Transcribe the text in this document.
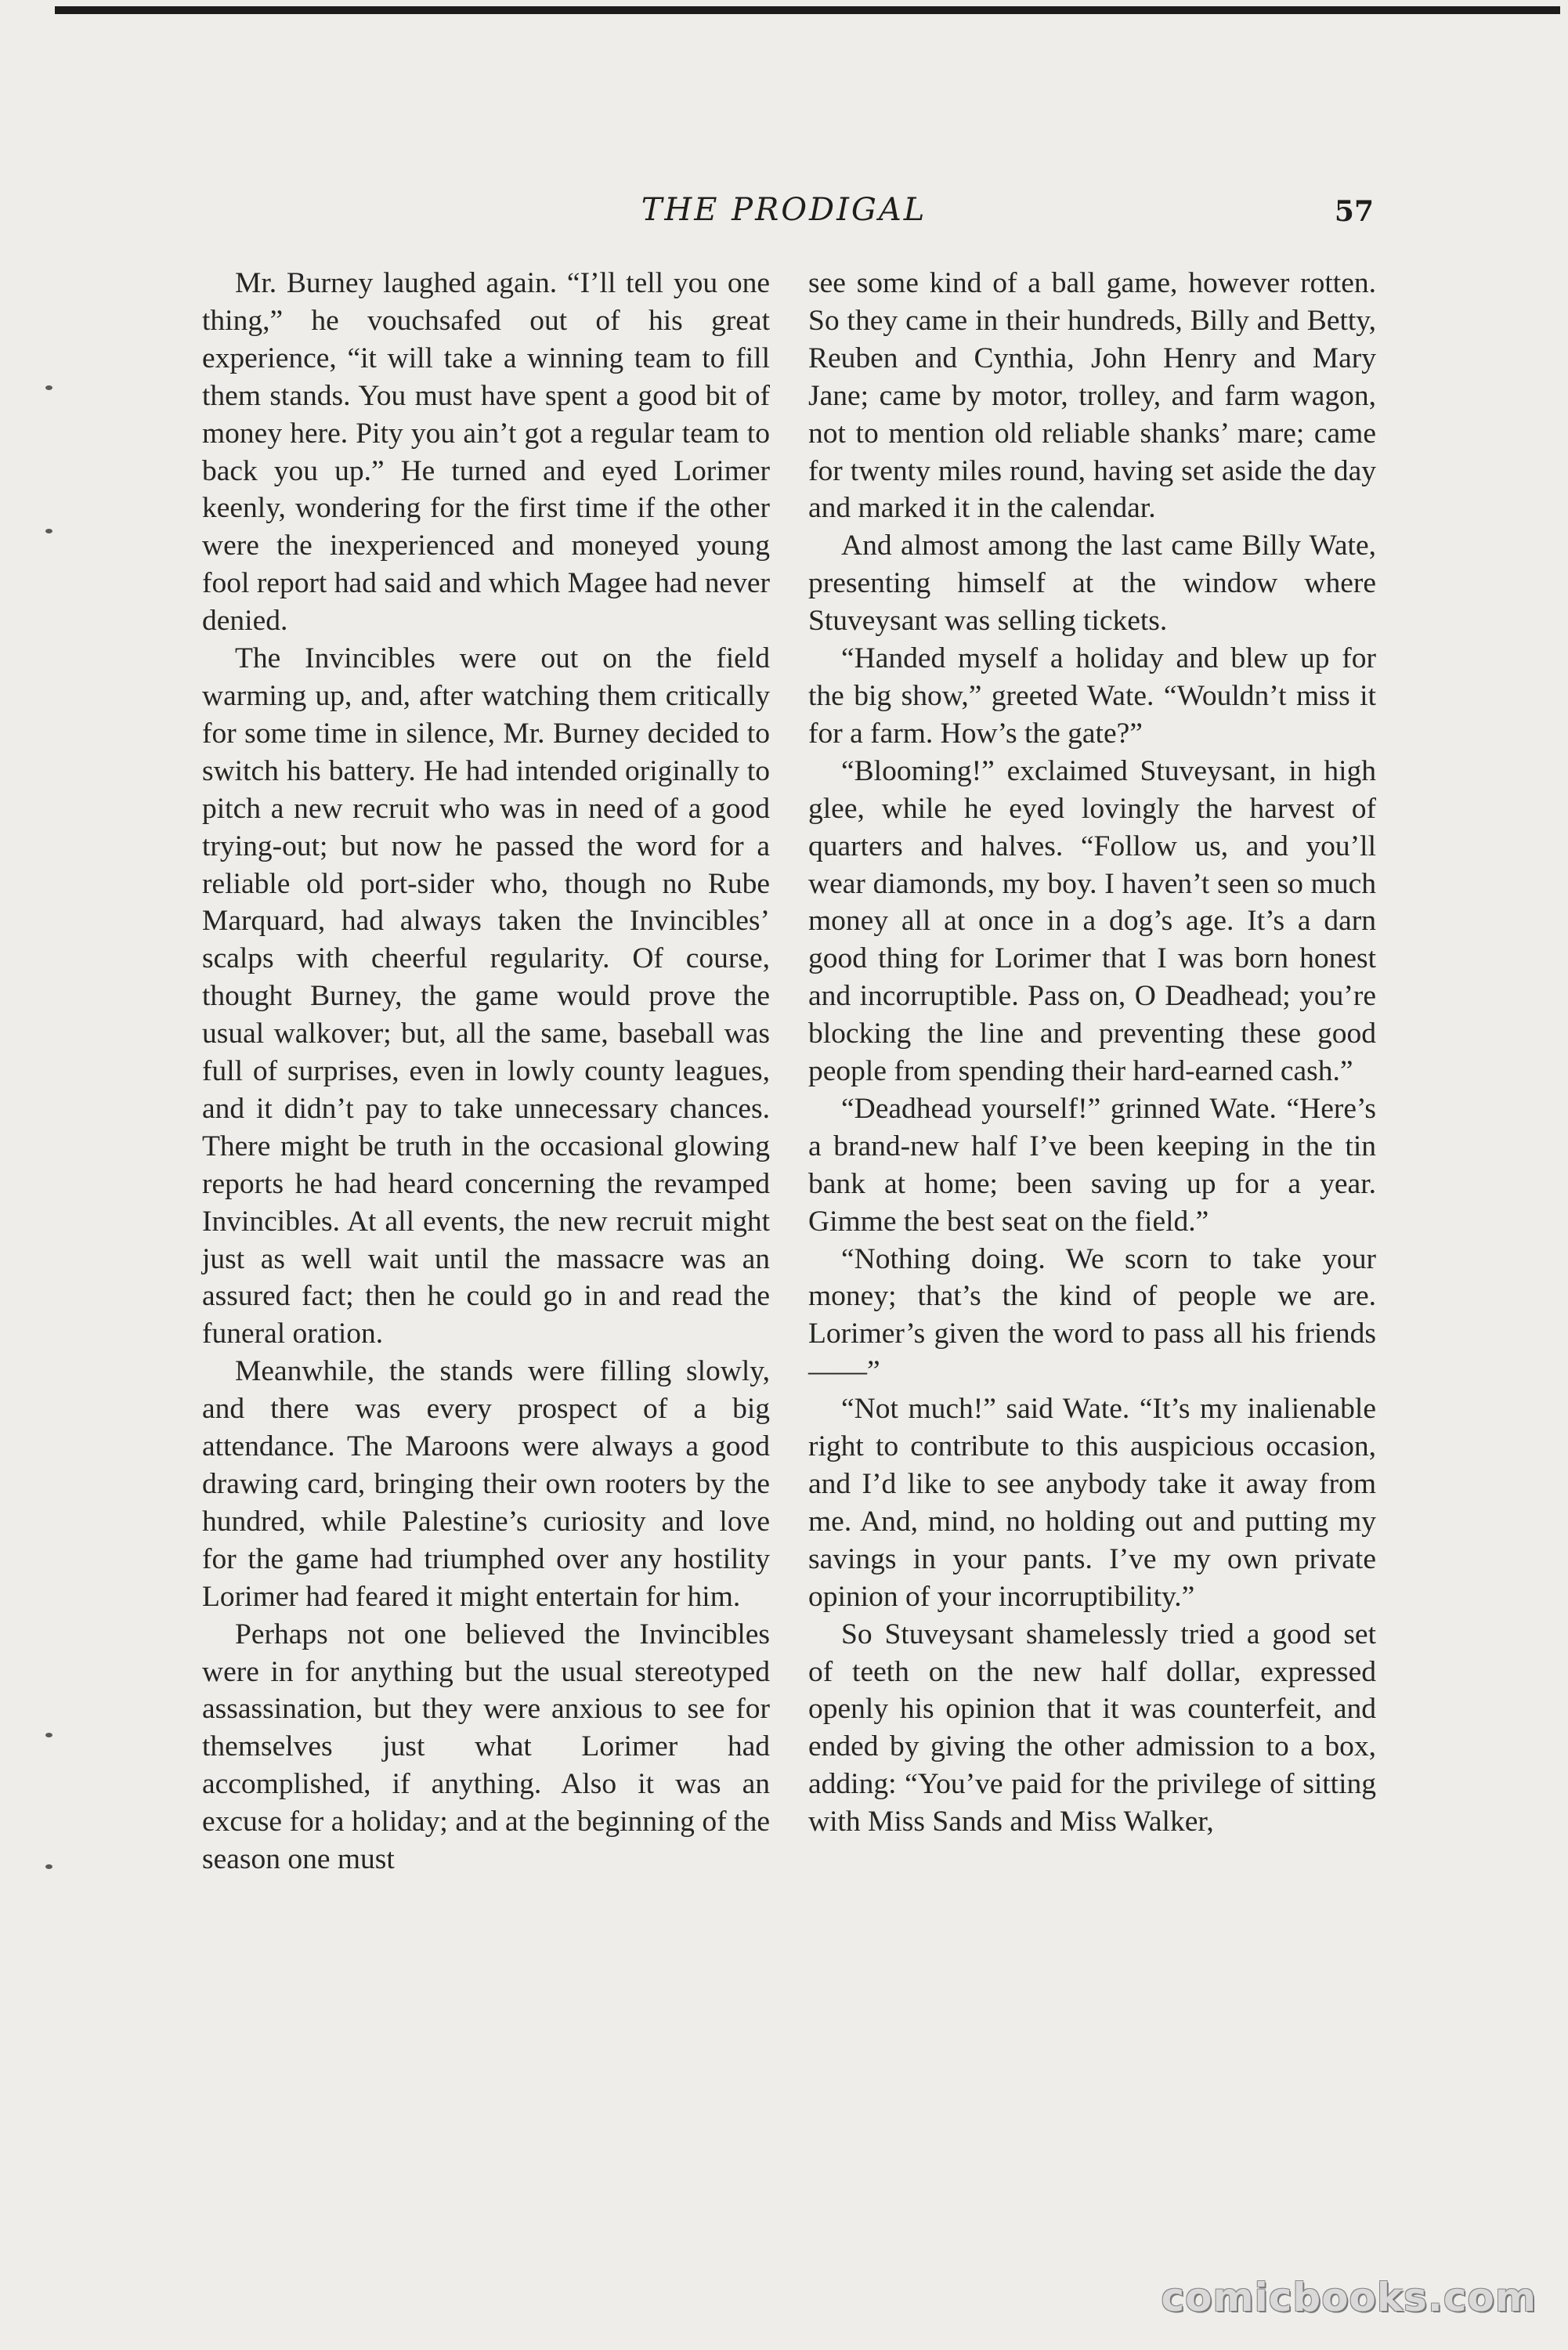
THE PRODIGAL	57

Mr. Burney laughed again. “I’ll tell you one thing,” he vouchsafed out of his great experience, “it will take a winning team to fill them stands. You must have spent a good bit of money here. Pity you ain’t got a regular team to back you up.” He turned and eyed Lorimer keenly, wondering for the first time if the other were the inexperienced and moneyed young fool report had said and which Magee had never denied.

The Invincibles were out on the field warming up, and, after watching them critically for some time in silence, Mr. Burney decided to switch his battery. He had intended originally to pitch a new recruit who was in need of a good trying-out; but now he passed the word for a reliable old port-sider who, though no Rube Marquard, had always taken the Invincibles’ scalps with cheerful regularity. Of course, thought Burney, the game would prove the usual walkover; but, all the same, baseball was full of surprises, even in lowly county leagues, and it didn’t pay to take unnecessary chances. There might be truth in the occasional glowing reports he had heard concerning the revamped Invincibles. At all events, the new recruit might just as well wait until the massacre was an assured fact; then he could go in and read the funeral oration.

Meanwhile, the stands were filling slowly, and there was every prospect of a big attendance. The Maroons were always a good drawing card, bringing their own rooters by the hundred, while Palestine’s curiosity and love for the game had triumphed over any hostility Lorimer had feared it might entertain for him.

Perhaps not one believed the Invincibles were in for anything but the usual stereotyped assassination, but they were anxious to see for themselves just what Lorimer had accomplished, if anything. Also it was an excuse for a holiday; and at the beginning of the season one must

see some kind of a ball game, however rotten. So they came in their hundreds, Billy and Betty, Reuben and Cynthia, John Henry and Mary Jane; came by motor, trolley, and farm wagon, not to mention old reliable shanks’ mare; came for twenty miles round, having set aside the day and marked it in the calendar.

And almost among the last came Billy Wate, presenting himself at the window where Stuveysant was selling tickets.

“Handed myself a holiday and blew up for the big show,” greeted Wate. “Wouldn’t miss it for a farm. How’s the gate?”

“Blooming!” exclaimed Stuveysant, in high glee, while he eyed lovingly the harvest of quarters and halves. “Follow us, and you’ll wear diamonds, my boy. I haven’t seen so much money all at once in a dog’s age. It’s a darn good thing for Lorimer that I was born honest and incorruptible. Pass on, O Deadhead; you’re blocking the line and preventing these good people from spending their hard-earned cash.”

“Deadhead yourself!” grinned Wate. “Here’s a brand-new half I’ve been keeping in the tin bank at home; been saving up for a year. Gimme the best seat on the field.”

“Nothing doing. We scorn to take your money; that’s the kind of people we are. Lorimer’s given the word to pass all his friends——”

“Not much!” said Wate. “It’s my inalienable right to contribute to this auspicious occasion, and I’d like to see anybody take it away from me. And, mind, no holding out and putting my savings in your pants. I’ve my own private opinion of your incorruptibility.”

So Stuveysant shamelessly tried a good set of teeth on the new half dollar, expressed openly his opinion that it was counterfeit, and ended by giving the other admission to a box, adding: “You’ve paid for the privilege of sitting with Miss Sands and Miss Walker,

comicbooks.com
